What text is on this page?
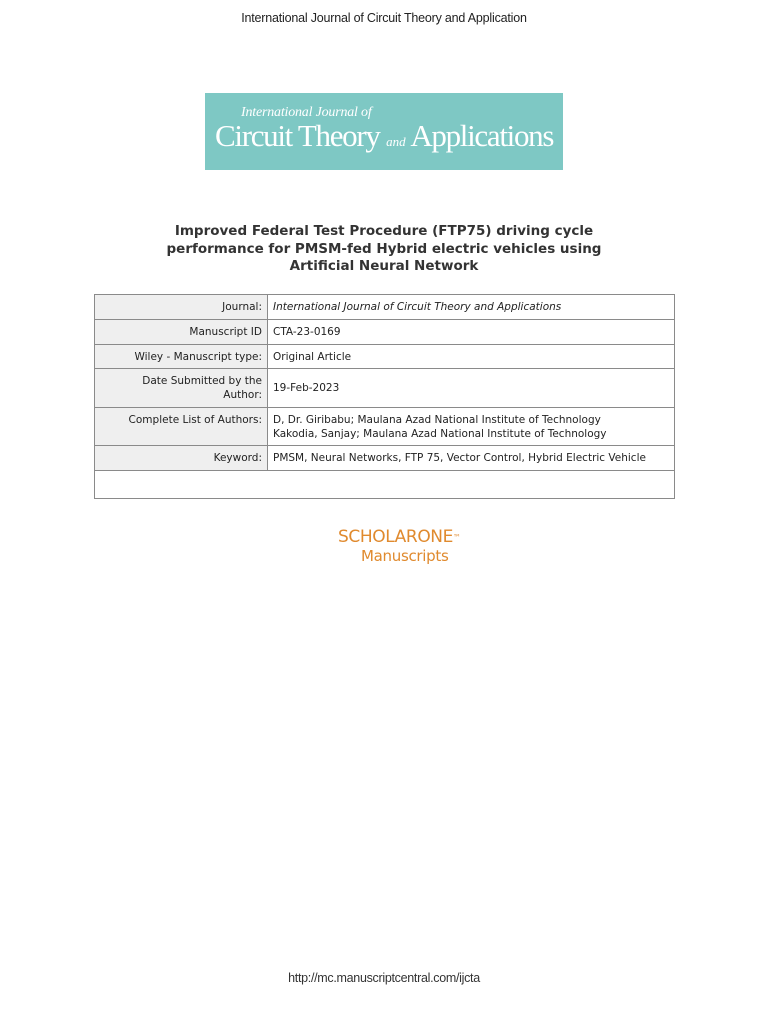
International Journal of Circuit Theory and Application
International Journal of
Circuit Theory and Applications
Improved Federal Test Procedure (FTP75) driving cycle
performance for PMSM-fed Hybrid electric vehicles using
Artificial Neural Network
Journal:	International Journal of Circuit Theory and Applications
Manuscript ID	CTA-23-0169
Wiley - Manuscript type:	Original Article

Date Submitted by the
Author:	19-Feb-2023
Complete List of Authors:	D, Dr. Giribabu; Maulana Azad National Institute of Technology
Kakodia, Sanjay; Maulana Azad National Institute of Technology

Keyword:	PMSM, Neural Networks, FTP 75, Vector Control, Hybrid Electric Vehicle

SCHOLARONE™
Manuscripts
http://mc.manuscriptcentral.com/ijcta
